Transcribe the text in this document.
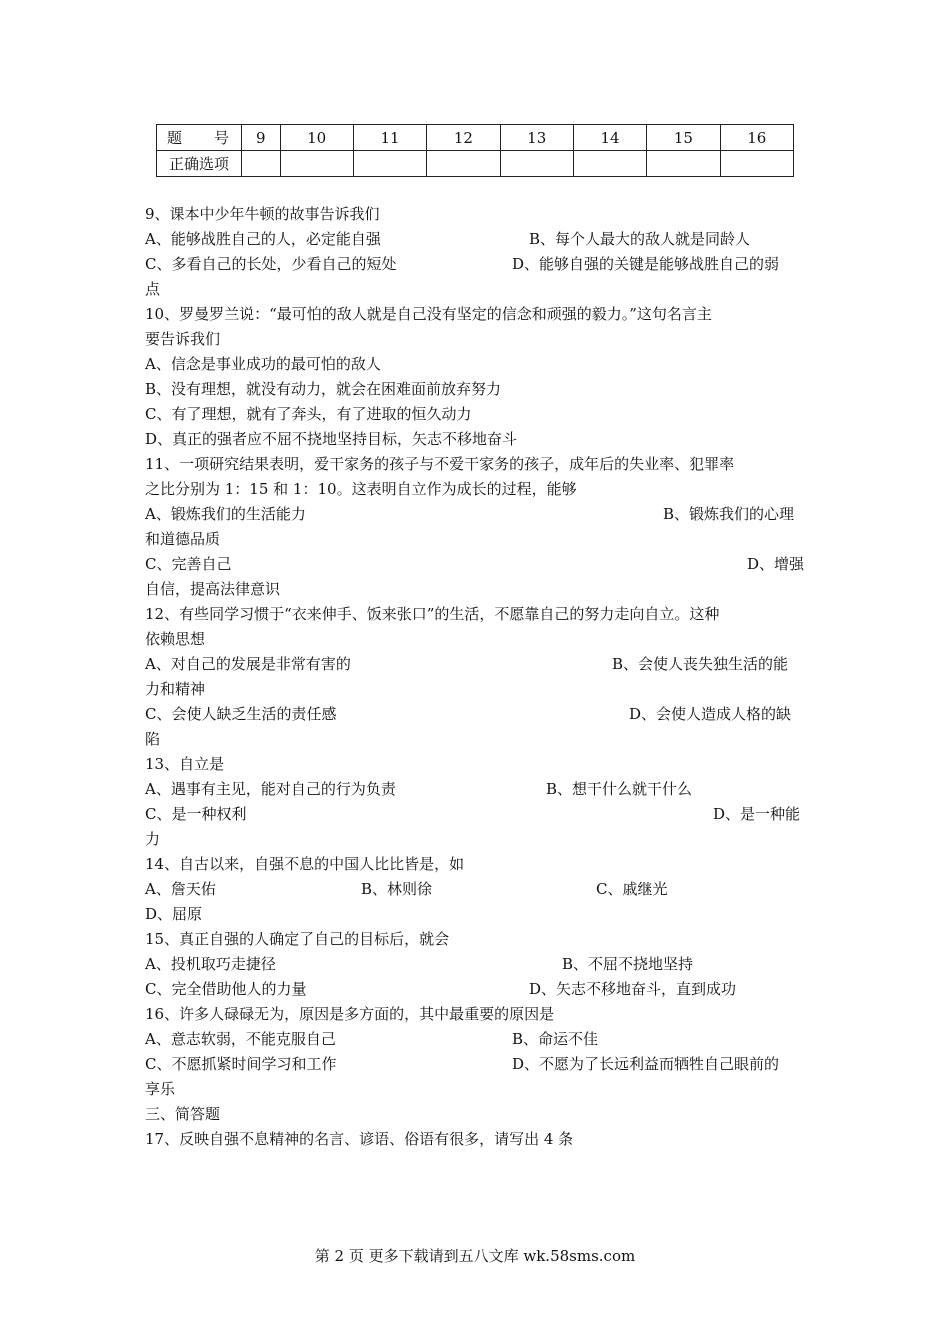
题 号	9	10	11	12	13	14	15	16
正确选项								
9、课本中少年牛顿的故事告诉我们
A、能够战胜自己的人，必定能自强	B、每个人最大的敌人就是同龄人
C、多看自己的长处，少看自己的短处	D、能够自强的关键是能够战胜自己的弱
点
10、罗曼罗兰说：“最可怕的敌人就是自己没有坚定的信念和顽强的毅力。”这句名言主
要告诉我们
A、信念是事业成功的最可怕的敌人
B、没有理想，就没有动力，就会在困难面前放弃努力
C、有了理想，就有了奔头，有了进取的恒久动力
D、真正的强者应不屈不挠地坚持目标，矢志不移地奋斗
11、一项研究结果表明，爱干家务的孩子与不爱干家务的孩子，成年后的失业率、犯罪率
之比分别为 1：15 和 1：10。这表明自立作为成长的过程，能够
A、锻炼我们的生活能力	B、锻炼我们的心理
和道德品质
C、完善自己	D、增强
自信，提高法律意识
12、有些同学习惯于“衣来伸手、饭来张口”的生活，不愿靠自己的努力走向自立。这种
依赖思想
A、对自己的发展是非常有害的	B、会使人丧失独生活的能
力和精神
C、会使人缺乏生活的责任感	D、会使人造成人格的缺
陷
13、自立是
A、遇事有主见，能对自己的行为负责	B、想干什么就干什么
C、是一种权利	D、是一种能
力
14、自古以来，自强不息的中国人比比皆是，如
A、詹天佑	B、林则徐	C、戚继光
D、屈原
15、真正自强的人确定了自己的目标后，就会
A、投机取巧走捷径	B、不屈不挠地坚持
C、完全借助他人的力量	D、矢志不移地奋斗，直到成功
16、许多人碌碌无为，原因是多方面的，其中最重要的原因是
A、意志软弱，不能克服自己	B、命运不佳
C、不愿抓紧时间学习和工作	D、不愿为了长远利益而牺牲自己眼前的
享乐
三、简答题
17、反映自强不息精神的名言、谚语、俗语有很多，请写出 4 条
第 2 页 更多下载请到五八文库 wk.58sms.com
